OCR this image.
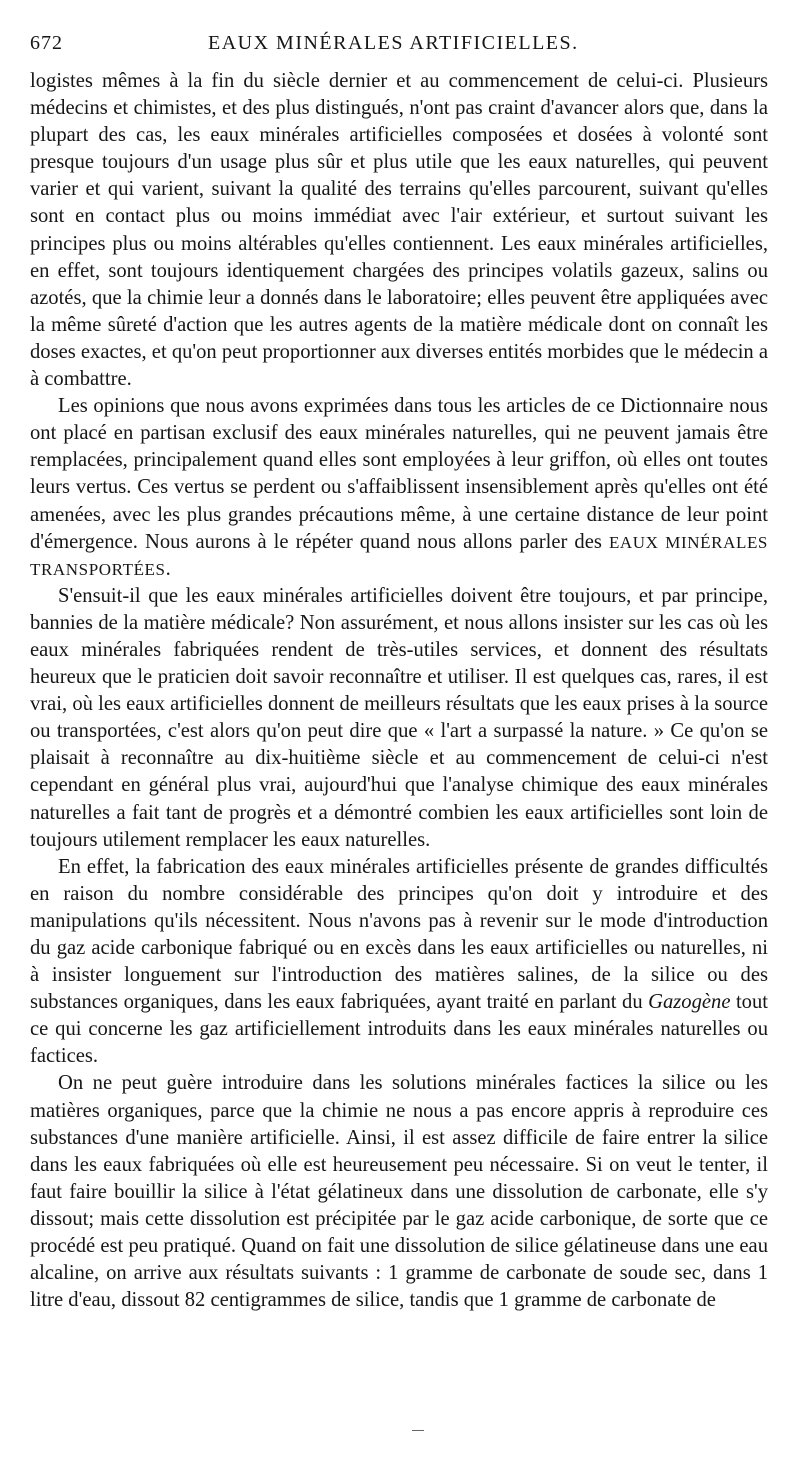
672	EAUX MINÉRALES ARTIFICIELLES.

logistes mêmes à la fin du siècle dernier et au commencement de celui-ci. Plusieurs médecins et chimistes, et des plus distingués, n'ont pas craint d'avancer alors que, dans la plupart des cas, les eaux minérales artificielles composées et dosées à volonté sont presque toujours d'un usage plus sûr et plus utile que les eaux naturelles, qui peuvent varier et qui varient, suivant la qualité des terrains qu'elles parcourent, suivant qu'elles sont en contact plus ou moins immédiat avec l'air extérieur, et surtout suivant les principes plus ou moins altérables qu'elles contiennent. Les eaux minérales artificielles, en effet, sont toujours identiquement chargées des principes volatils gazeux, salins ou azotés, que la chimie leur a donnés dans le laboratoire; elles peuvent être appliquées avec la même sûreté d'action que les autres agents de la matière médicale dont on connaît les doses exactes, et qu'on peut proportionner aux diverses entités morbides que le médecin a à combattre.

Les opinions que nous avons exprimées dans tous les articles de ce Dictionnaire nous ont placé en partisan exclusif des eaux minérales naturelles, qui ne peuvent jamais être remplacées, principalement quand elles sont employées à leur griffon, où elles ont toutes leurs vertus. Ces vertus se perdent ou s'affaiblissent insensiblement après qu'elles ont été amenées, avec les plus grandes précautions même, à une certaine distance de leur point d'émergence. Nous aurons à le répéter quand nous allons parler des EAUX MINÉRALES TRANSPORTÉES.

S'ensuit-il que les eaux minérales artificielles doivent être toujours, et par principe, bannies de la matière médicale? Non assurément, et nous allons insister sur les cas où les eaux minérales fabriquées rendent de très-utiles services, et donnent des résultats heureux que le praticien doit savoir reconnaître et utiliser. Il est quelques cas, rares, il est vrai, où les eaux artificielles donnent de meilleurs résultats que les eaux prises à la source ou transportées, c'est alors qu'on peut dire que « l'art a surpassé la nature. » Ce qu'on se plaisait à reconnaître au dix-huitième siècle et au commencement de celui-ci n'est cependant en général plus vrai, aujourd'hui que l'analyse chimique des eaux minérales naturelles a fait tant de progrès et a démontré combien les eaux artificielles sont loin de toujours utilement remplacer les eaux naturelles.

En effet, la fabrication des eaux minérales artificielles présente de grandes difficultés en raison du nombre considérable des principes qu'on doit y introduire et des manipulations qu'ils nécessitent. Nous n'avons pas à revenir sur le mode d'introduction du gaz acide carbonique fabriqué ou en excès dans les eaux artificielles ou naturelles, ni à insister longuement sur l'introduction des matières salines, de la silice ou des substances organiques, dans les eaux fabriquées, ayant traité en parlant du Gazogène tout ce qui concerne les gaz artificiellement introduits dans les eaux minérales naturelles ou factices.

On ne peut guère introduire dans les solutions minérales factices la silice ou les matières organiques, parce que la chimie ne nous a pas encore appris à reproduire ces substances d'une manière artificielle. Ainsi, il est assez difficile de faire entrer la silice dans les eaux fabriquées où elle est heureusement peu nécessaire. Si on veut le tenter, il faut faire bouillir la silice à l'état gélatineux dans une dissolution de carbonate, elle s'y dissout; mais cette dissolution est précipitée par le gaz acide carbonique, de sorte que ce procédé est peu pratiqué. Quand on fait une dissolution de silice gélatineuse dans une eau alcaline, on arrive aux résultats suivants : 1 gramme de carbonate de soude sec, dans 1 litre d'eau, dissout 82 centigrammes de silice, tandis que 1 gramme de carbonate de
